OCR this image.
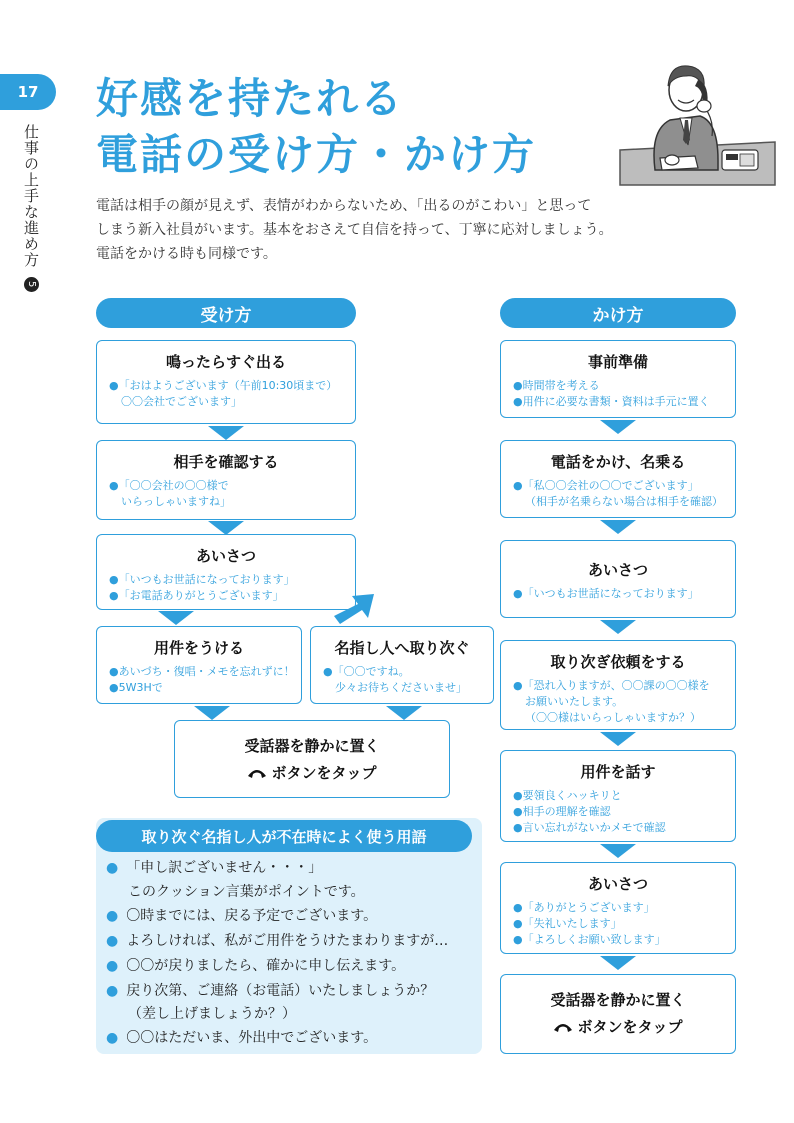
17
仕事の上手な進め方 5
好感を持たれる
電話の受け方・かけ方

電話は相手の顔が見えず、表情がわからないため、「出るのがこわい」と思って

しまう新入社員がいます。基本をおさえて自信を持って、丁寧に応対しましょう。

電話をかける時も同様です。

受け方
鳴ったらすぐ出る
●「おはようございます（午前10:30頃まで）
〇〇会社でございます」
相手を確認する
●「〇〇会社の〇〇様で
いらっしゃいますね」
あいさつ
●「いつもお世話になっております」
●「お電話ありがとうございます」
用件をうける
●あいづち・復唱・メモを忘れずに！
●5W3Hで
名指し人へ取り次ぐ
●「〇〇ですね。
少々お待ちくださいませ」
受話器を静かに置く
ボタンをタップ
かけ方
事前準備
●時間帯を考える
●用件に必要な書類・資料は手元に置く
電話をかけ、名乗る
●「私〇〇会社の〇〇でございます」
（相手が名乗らない場合は相手を確認）
あいさつ
●「いつもお世話になっております」
取り次ぎ依頼をする
●「恐れ入りますが、〇〇課の〇〇様を
お願いいたします。
（〇〇様はいらっしゃいますか？）
用件を話す
●要領良くハッキリと
●相手の理解を確認
●言い忘れがないかメモで確認
あいさつ
●「ありがとうございます」
●「失礼いたします」
●「よろしくお願い致します」
受話器を静かに置く
ボタンをタップ
取り次ぐ名指し人が不在時によく使う用語
● 「申し訳ございません・・・」
このクッション言葉がポイントです。
● 〇時までには、戻る予定でございます。
● よろしければ、私がご用件をうけたまわりますが…
● 〇〇が戻りましたら、確かに申し伝えます。
● 戻り次第、ご連絡（お電話）いたしましょうか？
（差し上げましょうか？）
● 〇〇はただいま、外出中でございます。
